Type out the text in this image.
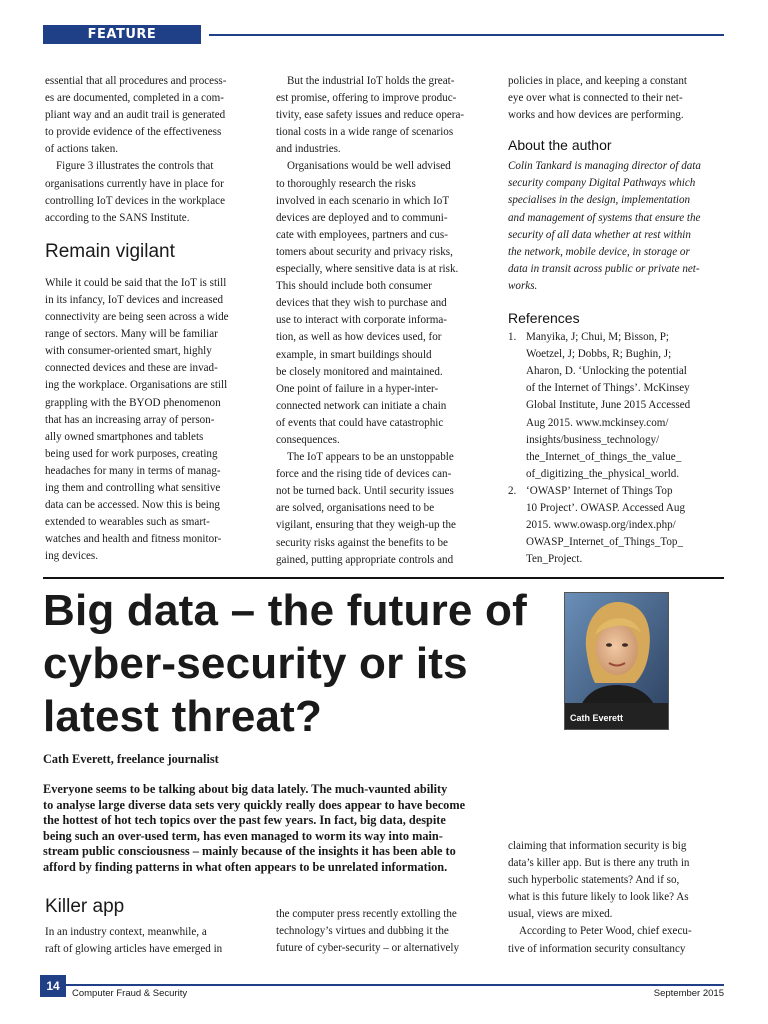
FEATURE

essential that all procedures and process-
es are documented, completed in a com-
pliant way and an audit trail is generated
to provide evidence of the effectiveness
of actions taken.

Figure 3 illustrates the controls that
organisations currently have in place for
controlling IoT devices in the workplace
according to the SANS Institute.

Remain vigilant

While it could be said that the IoT is still
in its infancy, IoT devices and increased
connectivity are being seen across a wide
range of sectors. Many will be familiar
with consumer-oriented smart, highly
connected devices and these are invad-
ing the workplace. Organisations are still
grappling with the BYOD phenomenon
that has an increasing array of person-
ally owned smartphones and tablets
being used for work purposes, creating
headaches for many in terms of manag-
ing them and controlling what sensitive
data can be accessed. Now this is being
extended to wearables such as smart-
watches and health and fitness monitor-
ing devices.

But the industrial IoT holds the great-
est promise, offering to improve produc-
tivity, ease safety issues and reduce opera-
tional costs in a wide range of scenarios
and industries.

Organisations would be well advised
to thoroughly research the risks
involved in each scenario in which IoT
devices are deployed and to communi-
cate with employees, partners and cus-
tomers about security and privacy risks,
especially, where sensitive data is at risk.
This should include both consumer
devices that they wish to purchase and
use to interact with corporate informa-
tion, as well as how devices used, for
example, in smart buildings should
be closely monitored and maintained.
One point of failure in a hyper-inter-
connected network can initiate a chain
of events that could have catastrophic
consequences.

The IoT appears to be an unstoppable
force and the rising tide of devices can-
not be turned back. Until security issues
are solved, organisations need to be
vigilant, ensuring that they weigh-up the
security risks against the benefits to be
gained, putting appropriate controls and

policies in place, and keeping a constant
eye over what is connected to their net-
works and how devices are performing.

About the author

Colin Tankard is managing director of data
security company Digital Pathways which
specialises in the design, implementation
and management of systems that ensure the
security of all data whether at rest within
the network, mobile device, in storage or
data in transit across public or private net-
works.

References
1. Manyika, J; Chui, M; Bisson, P;
Woetzel, J; Dobbs, R; Bughin, J;
Aharon, D. ‘Unlocking the potential
of the Internet of Things’. McKinsey
Global Institute, June 2015 Accessed
Aug 2015. www.mckinsey.com/
insights/business_technology/
the_Internet_of_things_the_value_
of_digitizing_the_physical_world.

2. ‘OWASP’ Internet of Things Top
10 Project’. OWASP. Accessed Aug
2015. www.owasp.org/index.php/
OWASP_Internet_of_Things_Top_
Ten_Project.

Big data – the future of cyber-security or its latest threat?	Cath Everett
Cath Everett, freelance journalist

Everyone seems to be talking about big data lately. The much-vaunted ability
to analyse large diverse data sets very quickly really does appear to have become
the hottest of hot tech topics over the past few years. In fact, big data, despite
being such an over-used term, has even managed to worm its way into main-
stream public consciousness – mainly because of the insights it has been able to
afford by finding patterns in what often appears to be unrelated information.

Killer app

In an industry context, meanwhile, a
raft of glowing articles have emerged in

the computer press recently extolling the
technology’s virtues and dubbing it the
future of cyber-security – or alternatively

claiming that information security is big
data’s killer app. But is there any truth in
such hyperbolic statements? And if so,
what is this future likely to look like? As
usual, views are mixed.

According to Peter Wood, chief execu-
tive of information security consultancy

14
Computer Fraud & Security	September 2015
